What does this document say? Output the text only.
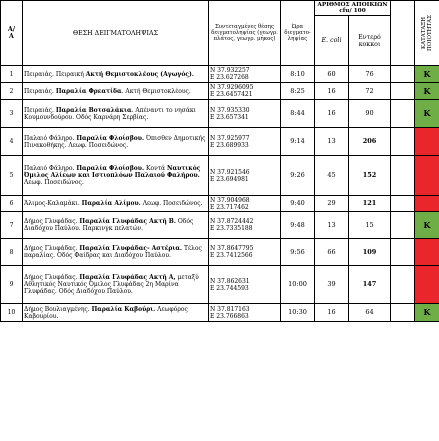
Α/
Α	ΘΕΣΗ ΔΕΙΓΜΑΤΟΛΗΨΙΑΣ	Συντεταγμένες θέσης δειγματοληψίας (γεωγρ. πλάτος, γεωγρ. μήκος)	Ώρα διεγματο- ληψίας	ΑΡΙΘΜΟΣ ΑΠΟΙΚΙΩΝ cfu/ 100			ΚΑΤΑΤΑΞΗ ΠΟΙΟΤΗΤΑΣ

				E. coli	Εντερό κοκκοι		
1	Πειραιάς. Πειραική Ακτή Θεμιστοκλέους (Αγωγός).	N 37.932257
E 23.627268	8:10	60	76		K
2	Πειραιάς. Παραλία Φρεατίδα. Ακτή Θεμιστοκλέους.	N 37.9296095
E 23.6457421	8:25	16	72		K
3	Πειραιάς. Παραλία Βοτσαλάκια. Απέναντι το νησάκι Κουμουνδούρου. Οδός Καρνάρη Σερβίας.	N 37.935330
E 23.657341	8:44	16	90		K
4	Παλαιό Φάληρο. Παραλία Φλοίσβου. Όπισθεν Δημοτικής Πινακοθήκης. Λεωφ. Ποσειδώνος.	N 37.925977
E 23.689933	9:14	13	206		
5	Παλαιό Φάληρο. Παραλία Φλοίσβου. Κοντά Ναυτικός Όμιλος Αλίεων και Ιστιοπλόων Παλαιού Φαλήρου. Λεωφ. Ποσειδώνος.	N 37.921546
E 23.694981	9:26	45	152		
6	Άλιμος-Καλαμάκι. Παραλία Αλίμου. Λεωφ. Ποσειδώνος.	N 37.904968
E 23.717462	9:40	29	121		
7	Δήμος Γλυφάδας. Παραλία Γλυφάδας Ακτή Β. Οδός Διαδόχου Παύλου. Παρκινγκ πελατών.	N 37.8724442
E 23.7335188	9:48	13	15		K
8	Δήμος Γλυφάδας. Παραλία Γλυφάδας- Αστέρια. Τέλος παραλίας. Οδός Φαίδρας και Διαδόχου Παύλου.	N 37.8647795
E 23.7412566	9:56	66	109		
9	Δήμος Γλυφάδας. Παραλία Γλυφάδας Ακτή Α, μεταξύ Αθλητικός Ναυτικός Όμιλος Γλυφάδας 2η Μαρίνα Γλυφάδας. Οδός Διαδόχου Παύλου.	N 37.862631
E 23.744593	10:00	39	147		
10	Δήμος Βουλιαγμένης. Παραλία Καβούρι. Λεωφόρος Καβουρίου.	N 37.817163
E 23.766863	10:30	16	64		K
